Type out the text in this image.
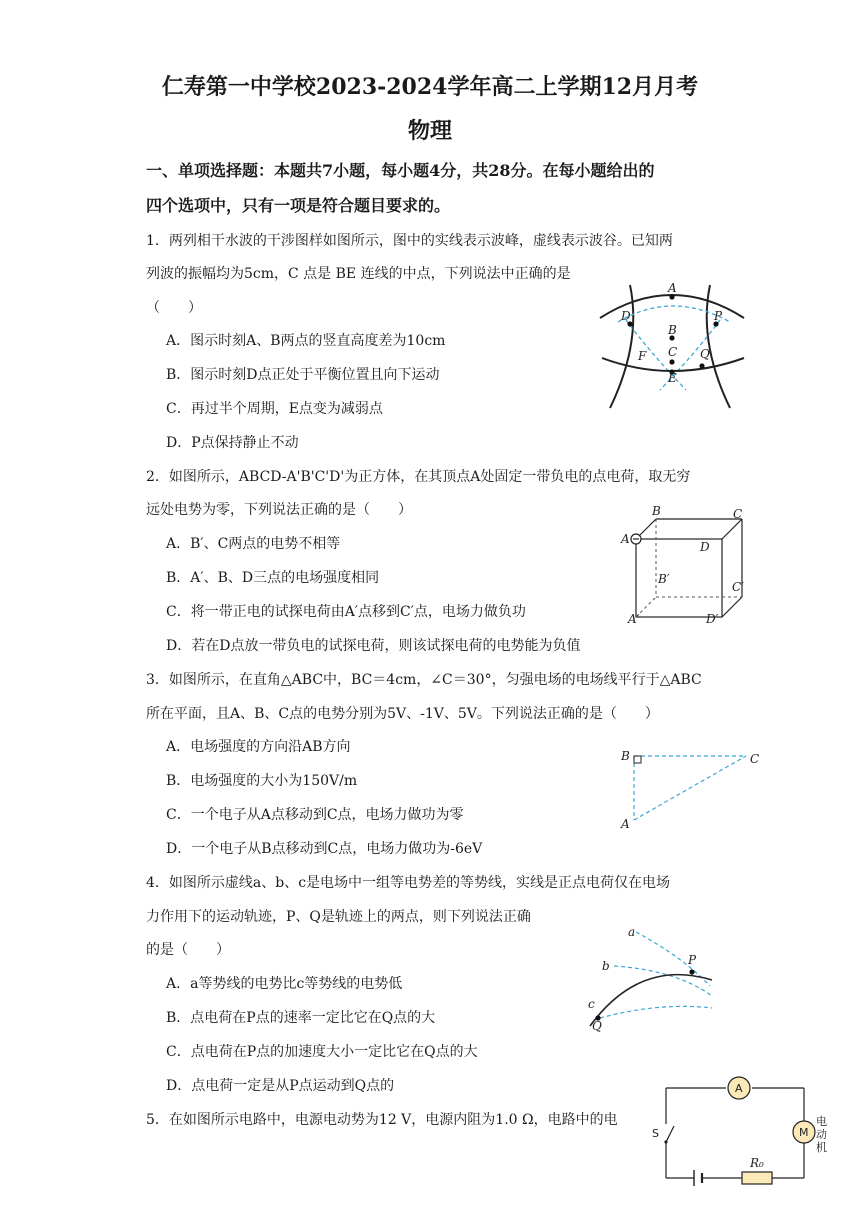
仁寿第一中学校2023-2024学年高二上学期12月月考
物理
一、单项选择题：本题共7小题，每小题4分，共28分。在每小题给出的
四个选项中，只有一项是符合题目要求的。
1．两列相干水波的干涉图样如图所示，图中的实线表示波峰，虚线表示波谷。已知两
列波的振幅均为5cm，C 点是 BE 连线的中点，下列说法中正确的是
（　　）
A．图示时刻A、B两点的竖直高度差为10cm
B．图示时刻D点正处于平衡位置且向下运动
C．再过半个周期，E点变为减弱点
D．P点保持静止不动
A
D
B
P
C
F	Q
E
2．如图所示，ABCD-A'B'C'D'为正方体，在其顶点A处固定一带负电的点电荷，取无穷
远处电势为零，下列说法正确的是（　　）
A．B′、C两点的电势不相等
B．A′、B、D三点的电场强度相同
C．将一带正电的试探电荷由A′点移到C′点，电场力做负功
D．若在D点放一带负电的试探电荷，则该试探电荷的电势能为负值
B	C
A
D
B′
C′
A′	D′
3．如图所示，在直角△ABC中，BC＝4cm，∠C＝30°，匀强电场的电场线平行于△ABC
所在平面，且A、B、C点的电势分别为5V、-1V、5V。下列说法正确的是（　　）
A．电场强度的方向沿AB方向
B．电场强度的大小为150V/m
C．一个电子从A点移动到C点，电场力做功为零
D．一个电子从B点移动到C点，电场力做功为-6eV
B	C
A
4．如图所示虚线a、b、c是电场中一组等电势差的等势线，实线是正点电荷仅在电场
力作用下的运动轨迹，P、Q是轨迹上的两点，则下列说法正确
的是（　　）
A．a等势线的电势比c等势线的电势低
B．点电荷在P点的速率一定比它在Q点的大
C．点电荷在P点的加速度大小一定比它在Q点的大
D．点电荷一定是从P点运动到Q点的
a
b
c
P
Q
5．在如图所示电路中，电源电动势为12 V，电源内阻为1.0 Ω，电路中的电
A
M
S
R₀
电
动
机
